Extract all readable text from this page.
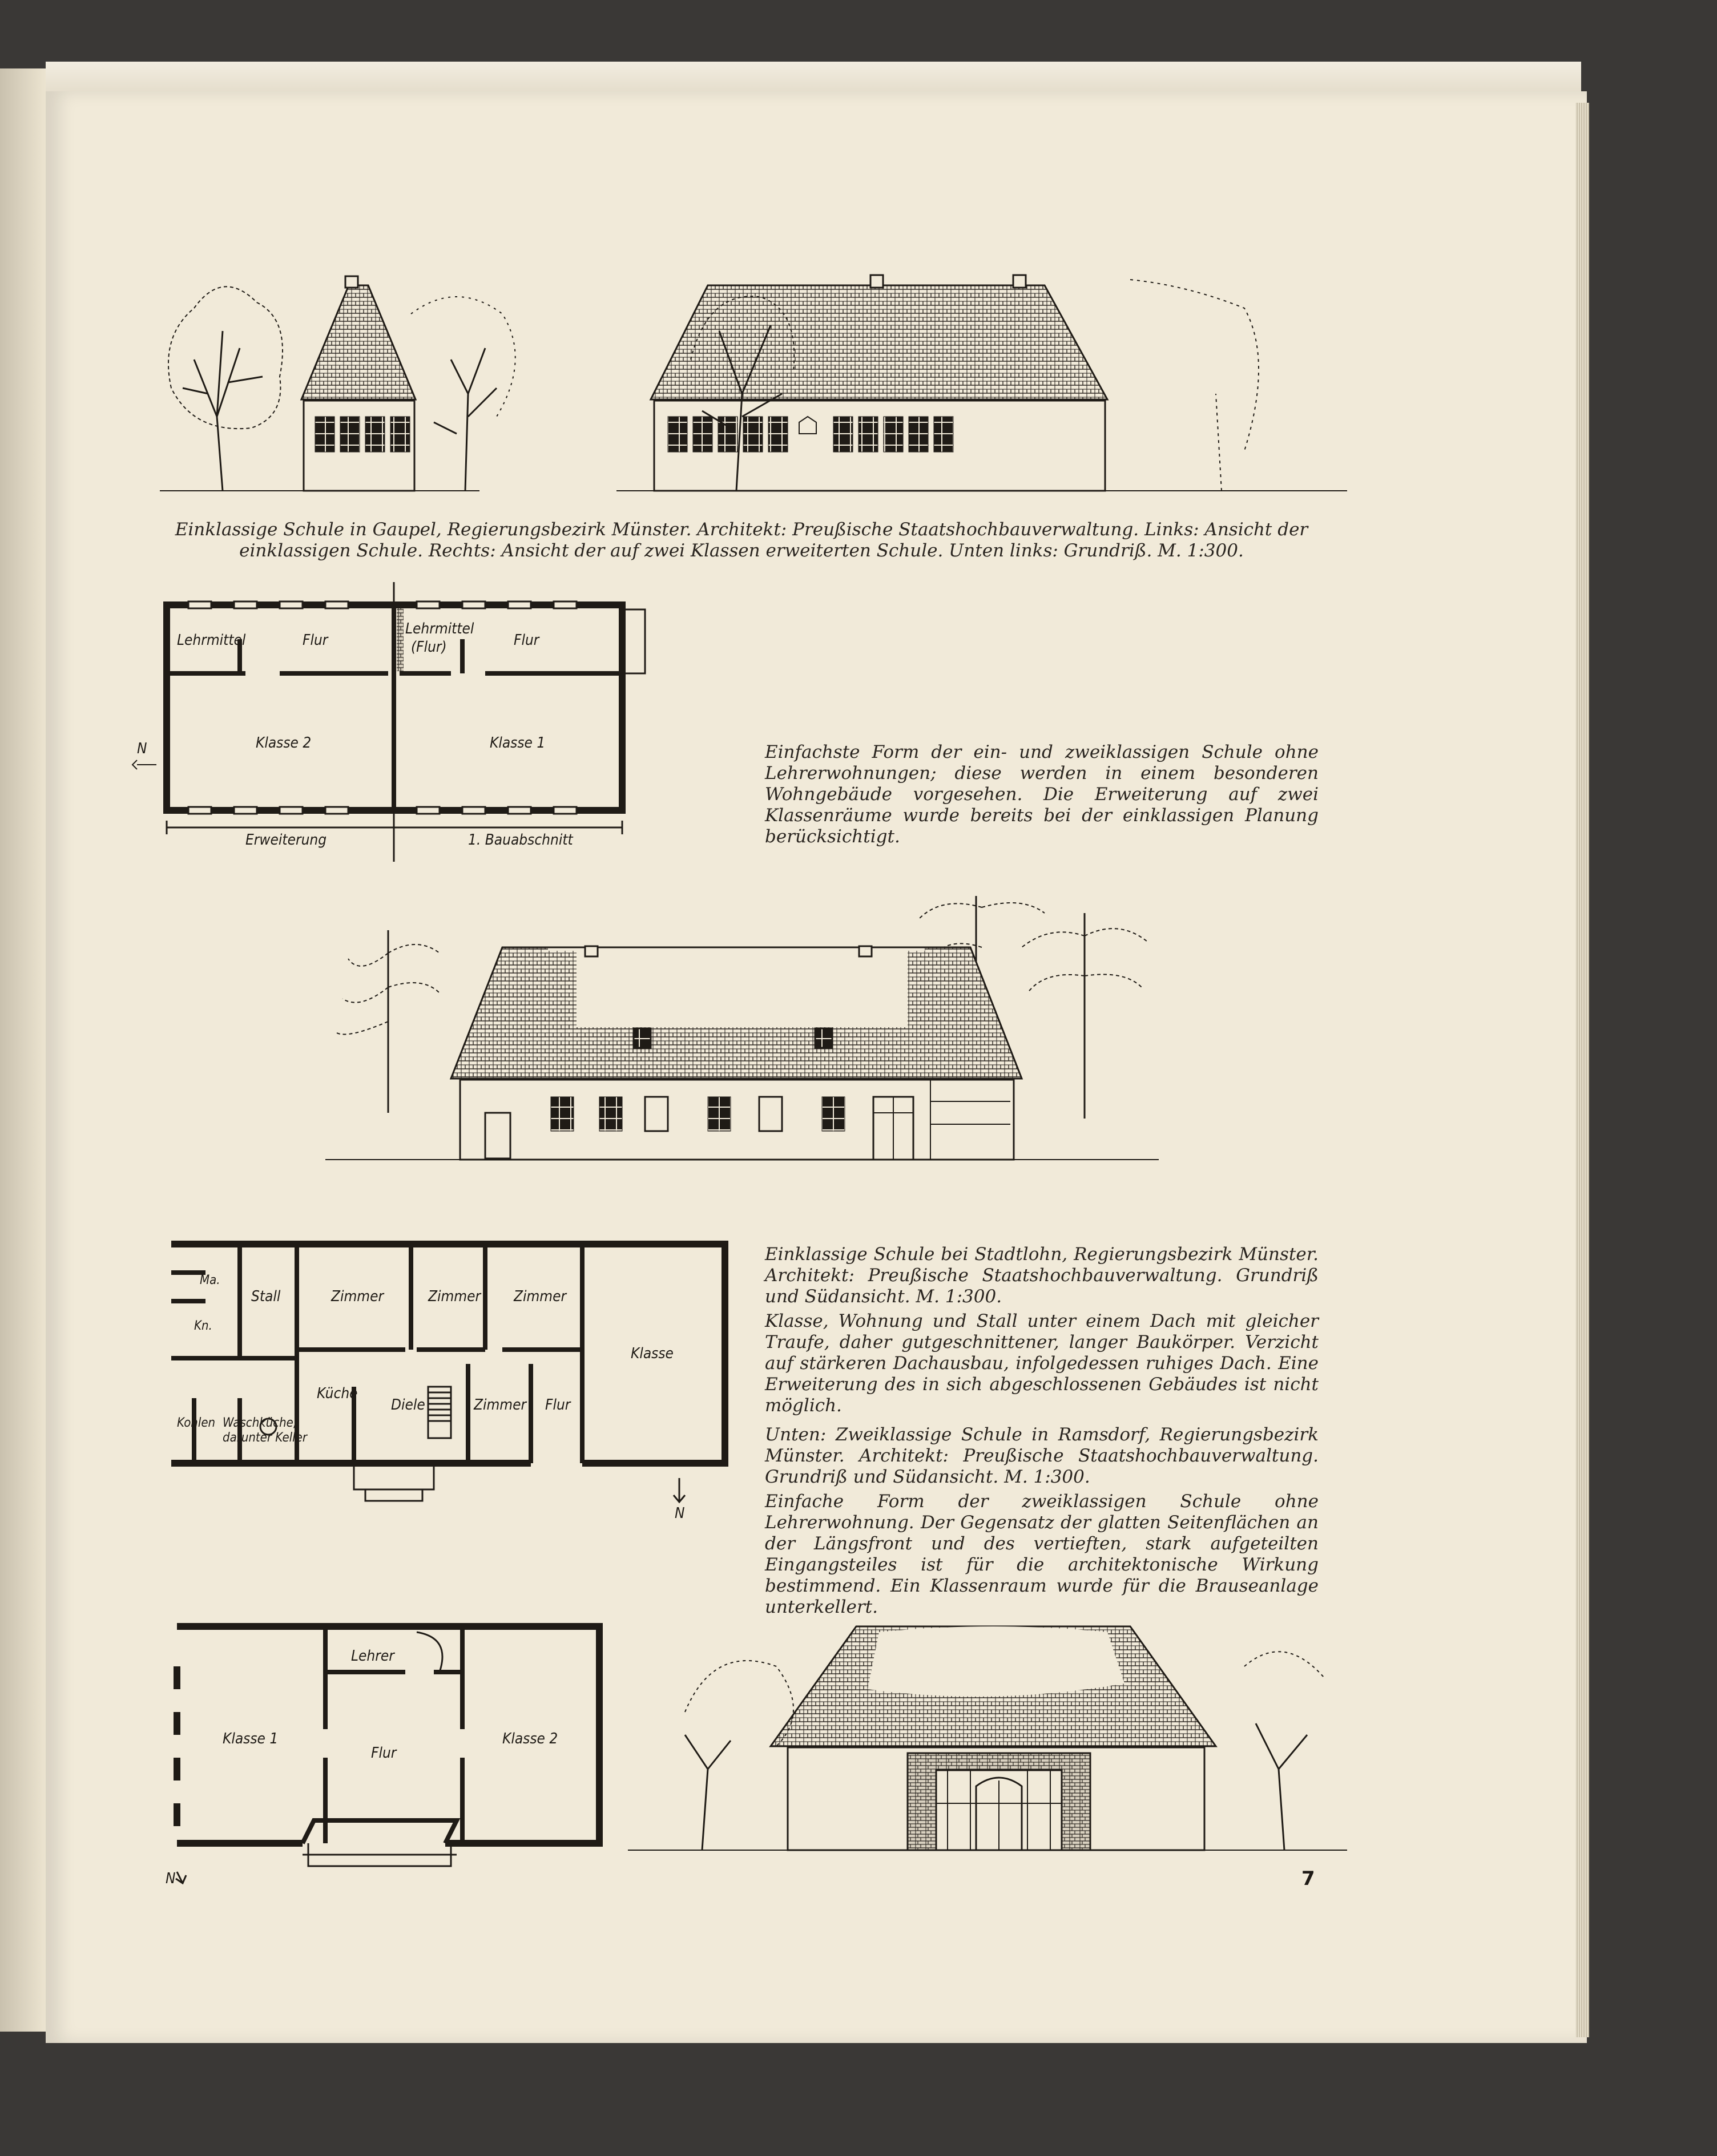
Einklassige Schule in Gaupel, Regierungsbezirk Münster. Architekt: Preußische Staatshochbauverwaltung. Links: Ansicht der einklassigen Schule. Rechts: Ansicht der auf zwei Klassen erweiterten Schule. Unten links: Grundriß. M. 1:300.

Lehrmittel	Flur
Lehrmittel
(Flur)	Flur
Klasse 2	Klasse 1
N
Erweiterung	1. Bauabschnitt

Einfachste Form der ein- und zweiklassigen Schule ohne Lehrerwohnungen; diese werden in einem besonderen Wohngebäude vorgesehen. Die Erweiterung auf zwei Klassenräume wurde bereits bei der einklassigen Planung berücksichtigt.

Ma.
Kn.
Stall	Zimmer	Zimmer Zimmer
Klasse
Küche
Diele	Zimmer Flur
Kohlen Waschküche,
darunter Keller
N

Einklassige Schule bei Stadtlohn, Regierungsbezirk Münster. Architekt: Preußische Staatshochbauverwaltung. Grundriß und Südansicht. M. 1:300.

Klasse, Wohnung und Stall unter einem Dach mit gleicher Traufe, daher gutgeschnittener, langer Baukörper. Verzicht auf stärkeren Dachausbau, infolgedessen ruhiges Dach. Eine Erweiterung des in sich abgeschlossenen Gebäudes ist nicht möglich.

Unten: Zweiklassige Schule in Ramsdorf, Regierungsbezirk Münster. Architekt: Preußische Staatshochbauverwaltung. Grundriß und Südansicht. M. 1:300.

Einfache Form der zweiklassigen Schule ohne Lehrerwohnung. Der Gegensatz der glatten Seitenflächen an der Längsfront und des vertieften, stark aufgeteilten Eingangsteiles ist für die architektonische Wirkung bestimmend. Ein Klassenraum wurde für die Brauseanlage unterkellert.

Lehrer
Klasse 1
Flur
Klasse 2
N	7
